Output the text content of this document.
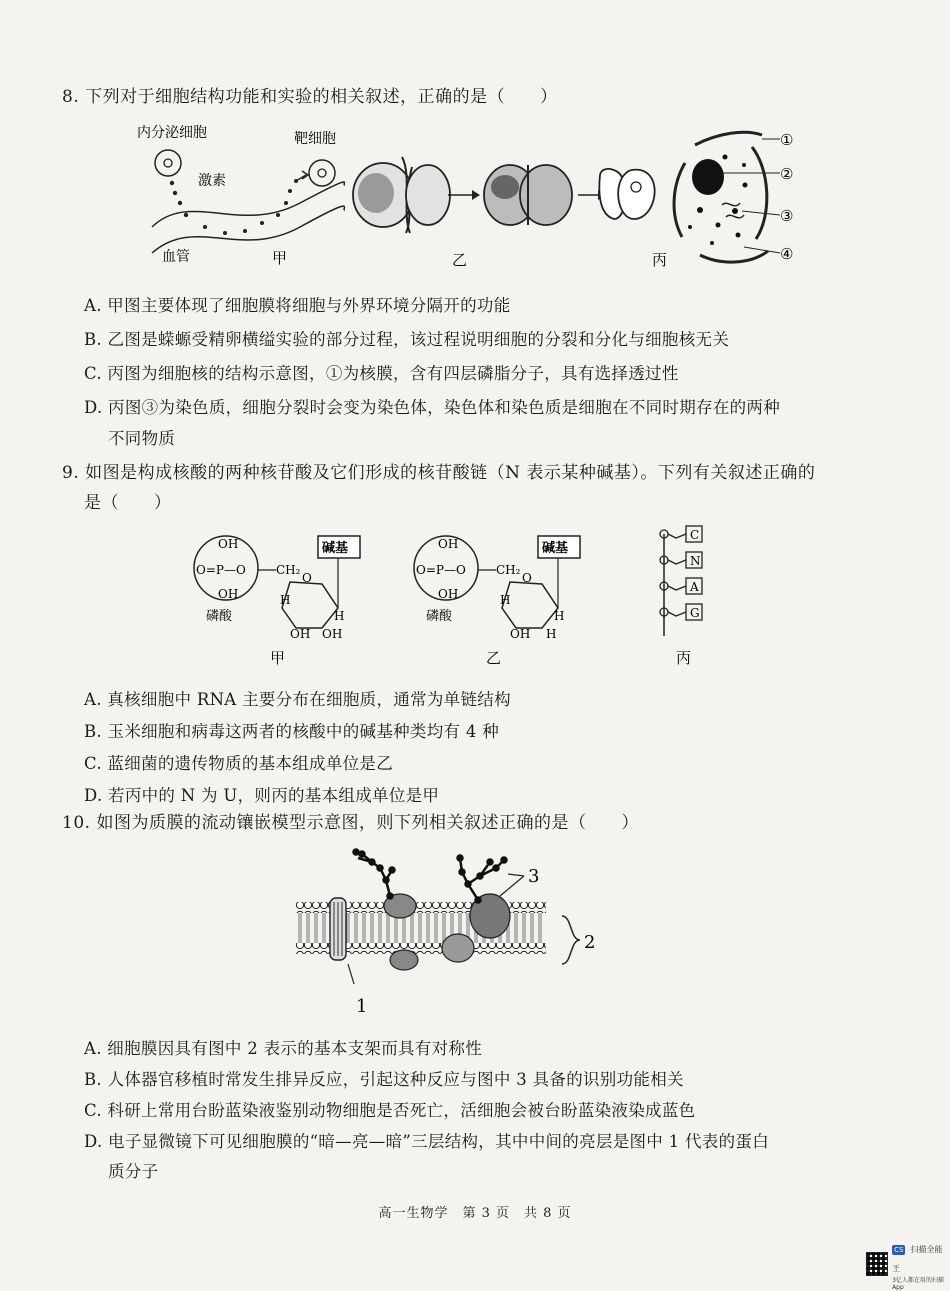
8. 下列对于细胞结构功能和实验的相关叙述，正确的是（　　）
内分泌细胞	靶细胞
激素
血管	甲	乙
①
②
③
④
丙
A. 甲图主要体现了细胞膜将细胞与外界环境分隔开的功能
B. 乙图是蝾螈受精卵横缢实验的部分过程，该过程说明细胞的分裂和分化与细胞核无关
C. 丙图为细胞核的结构示意图，①为核膜，含有四层磷脂分子，具有选择透过性
D. 丙图③为染色质，细胞分裂时会变为染色体，染色体和染色质是细胞在不同时期存在的两种
不同物质
9. 如图是构成核酸的两种核苷酸及它们形成的核苷酸链（N 表示某种碱基）。下列有关叙述正确的
是（　　）
OH
O=P—O
OH
CH₂
O
碱基
H
H
OH OH
磷酸
甲
OH
O=P—O
OH
CH₂
O
碱基
H
H
OH H
磷酸
乙
C
N
A
G
丙
A. 真核细胞中 RNA 主要分布在细胞质，通常为单链结构
B. 玉米细胞和病毒这两者的核酸中的碱基种类均有 4 种
C. 蓝细菌的遗传物质的基本组成单位是乙
D. 若丙中的 N 为 U，则丙的基本组成单位是甲
10. 如图为质膜的流动镶嵌模型示意图，则下列相关叙述正确的是（　　）
3
2
1
A. 细胞膜因具有图中 2 表示的基本支架而具有对称性
B. 人体器官移植时常发生排异反应，引起这种反应与图中 3 具备的识别功能相关
C. 科研上常用台盼蓝染液鉴别动物细胞是否死亡，活细胞会被台盼蓝染液染成蓝色
D. 电子显微镜下可见细胞膜的“暗—亮—暗”三层结构，其中中间的亮层是图中 1 代表的蛋白
质分子
高一生物学　第 3 页　共 8 页
CS 扫描全能王
3亿人都在用的扫描App
